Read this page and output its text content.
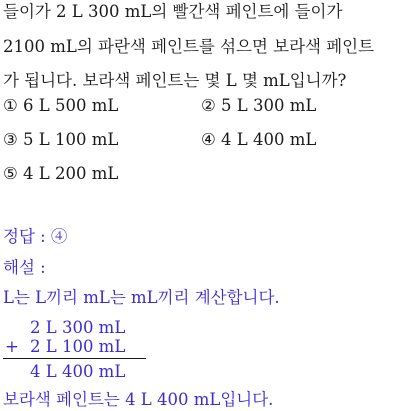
들이가 2 L 300 mL의 빨간색 페인트에 들이가
2100 mL의 파란색 페인트를 섞으면 보라색 페인트
가 됩니다. 보라색 페인트는 몇 L 몇 mL입니까?
① 6 L 500 mL	② 5 L 300 mL
③ 5 L 100 mL	④ 4 L 400 mL
⑤ 4 L 200 mL
정답 : ④
해설 :
L는 L끼리 mL는 mL끼리 계산합니다.
2 L 300 mL
+ 2 L 100 mL
4 L 400 mL
보라색 페인트는 4 L 400 mL입니다.
